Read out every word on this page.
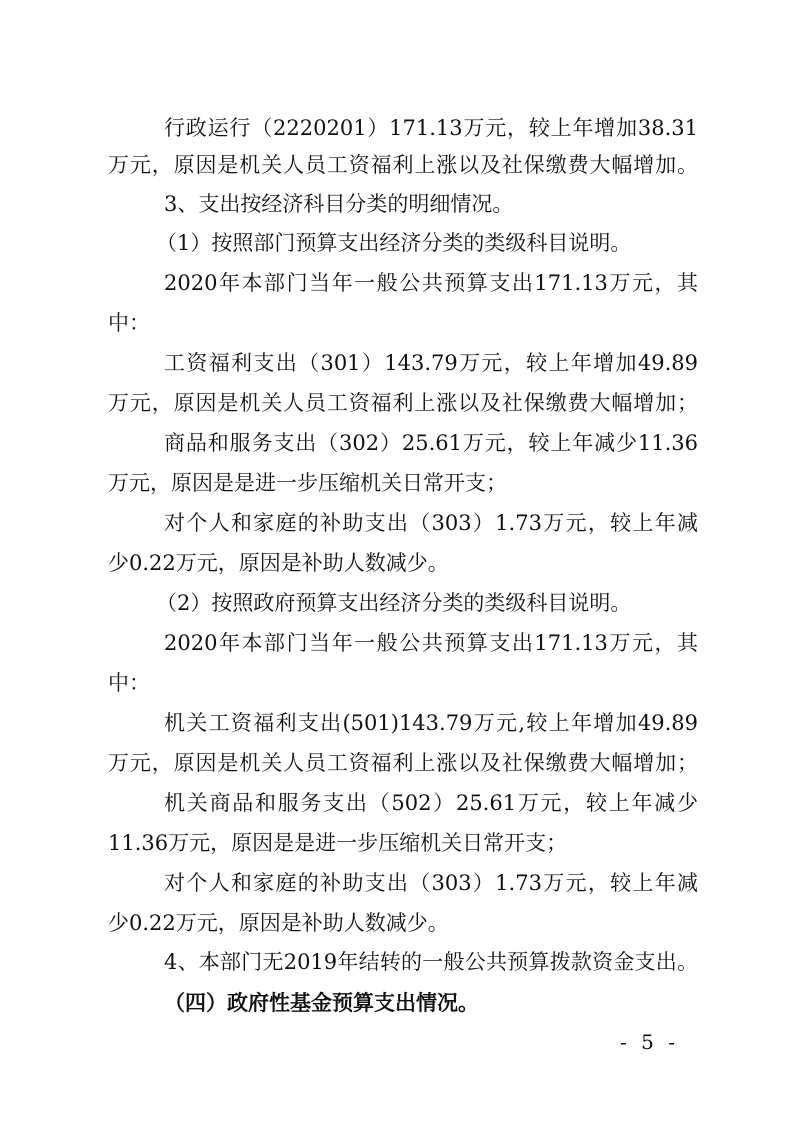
行政运行（2220201）171.13万元，较上年增加38.31
万元，原因是机关人员工资福利上涨以及社保缴费大幅增加。
3、支出按经济科目分类的明细情况。
（1）按照部门预算支出经济分类的类级科目说明。
2020年本部门当年一般公共预算支出171.13万元，其
中：
工资福利支出（301）143.79万元，较上年增加49.89
万元，原因是机关人员工资福利上涨以及社保缴费大幅增加；
商品和服务支出（302）25.61万元，较上年减少11.36
万元，原因是是进一步压缩机关日常开支；
对个人和家庭的补助支出（303）1.73万元，较上年减
少0.22万元，原因是补助人数减少。
（2）按照政府预算支出经济分类的类级科目说明。
2020年本部门当年一般公共预算支出171.13万元，其
中：
机关工资福利支出(501)143.79万元,较上年增加49.89
万元，原因是机关人员工资福利上涨以及社保缴费大幅增加；
机关商品和服务支出（502）25.61万元，较上年减少
11.36万元，原因是是进一步压缩机关日常开支；
对个人和家庭的补助支出（303）1.73万元，较上年减
少0.22万元，原因是补助人数减少。
4、本部门无2019年结转的一般公共预算拨款资金支出。
（四）政府性基金预算支出情况。
- 5 -
